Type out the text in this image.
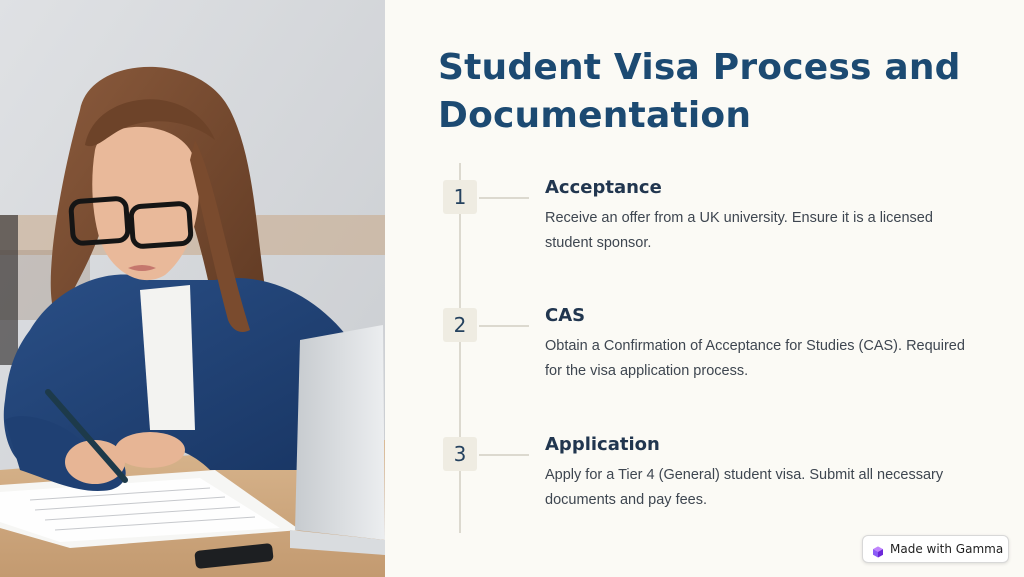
Student Visa Process and Documentation
1	Acceptance

Receive an offer from a UK university. Ensure it is a licensed student sponsor.

2	CAS

Obtain a Confirmation of Acceptance for Studies (CAS). Required for the visa application process.

3	Application

Apply for a Tier 4 (General) student visa. Submit all necessary documents and pay fees.

Made with Gamma
